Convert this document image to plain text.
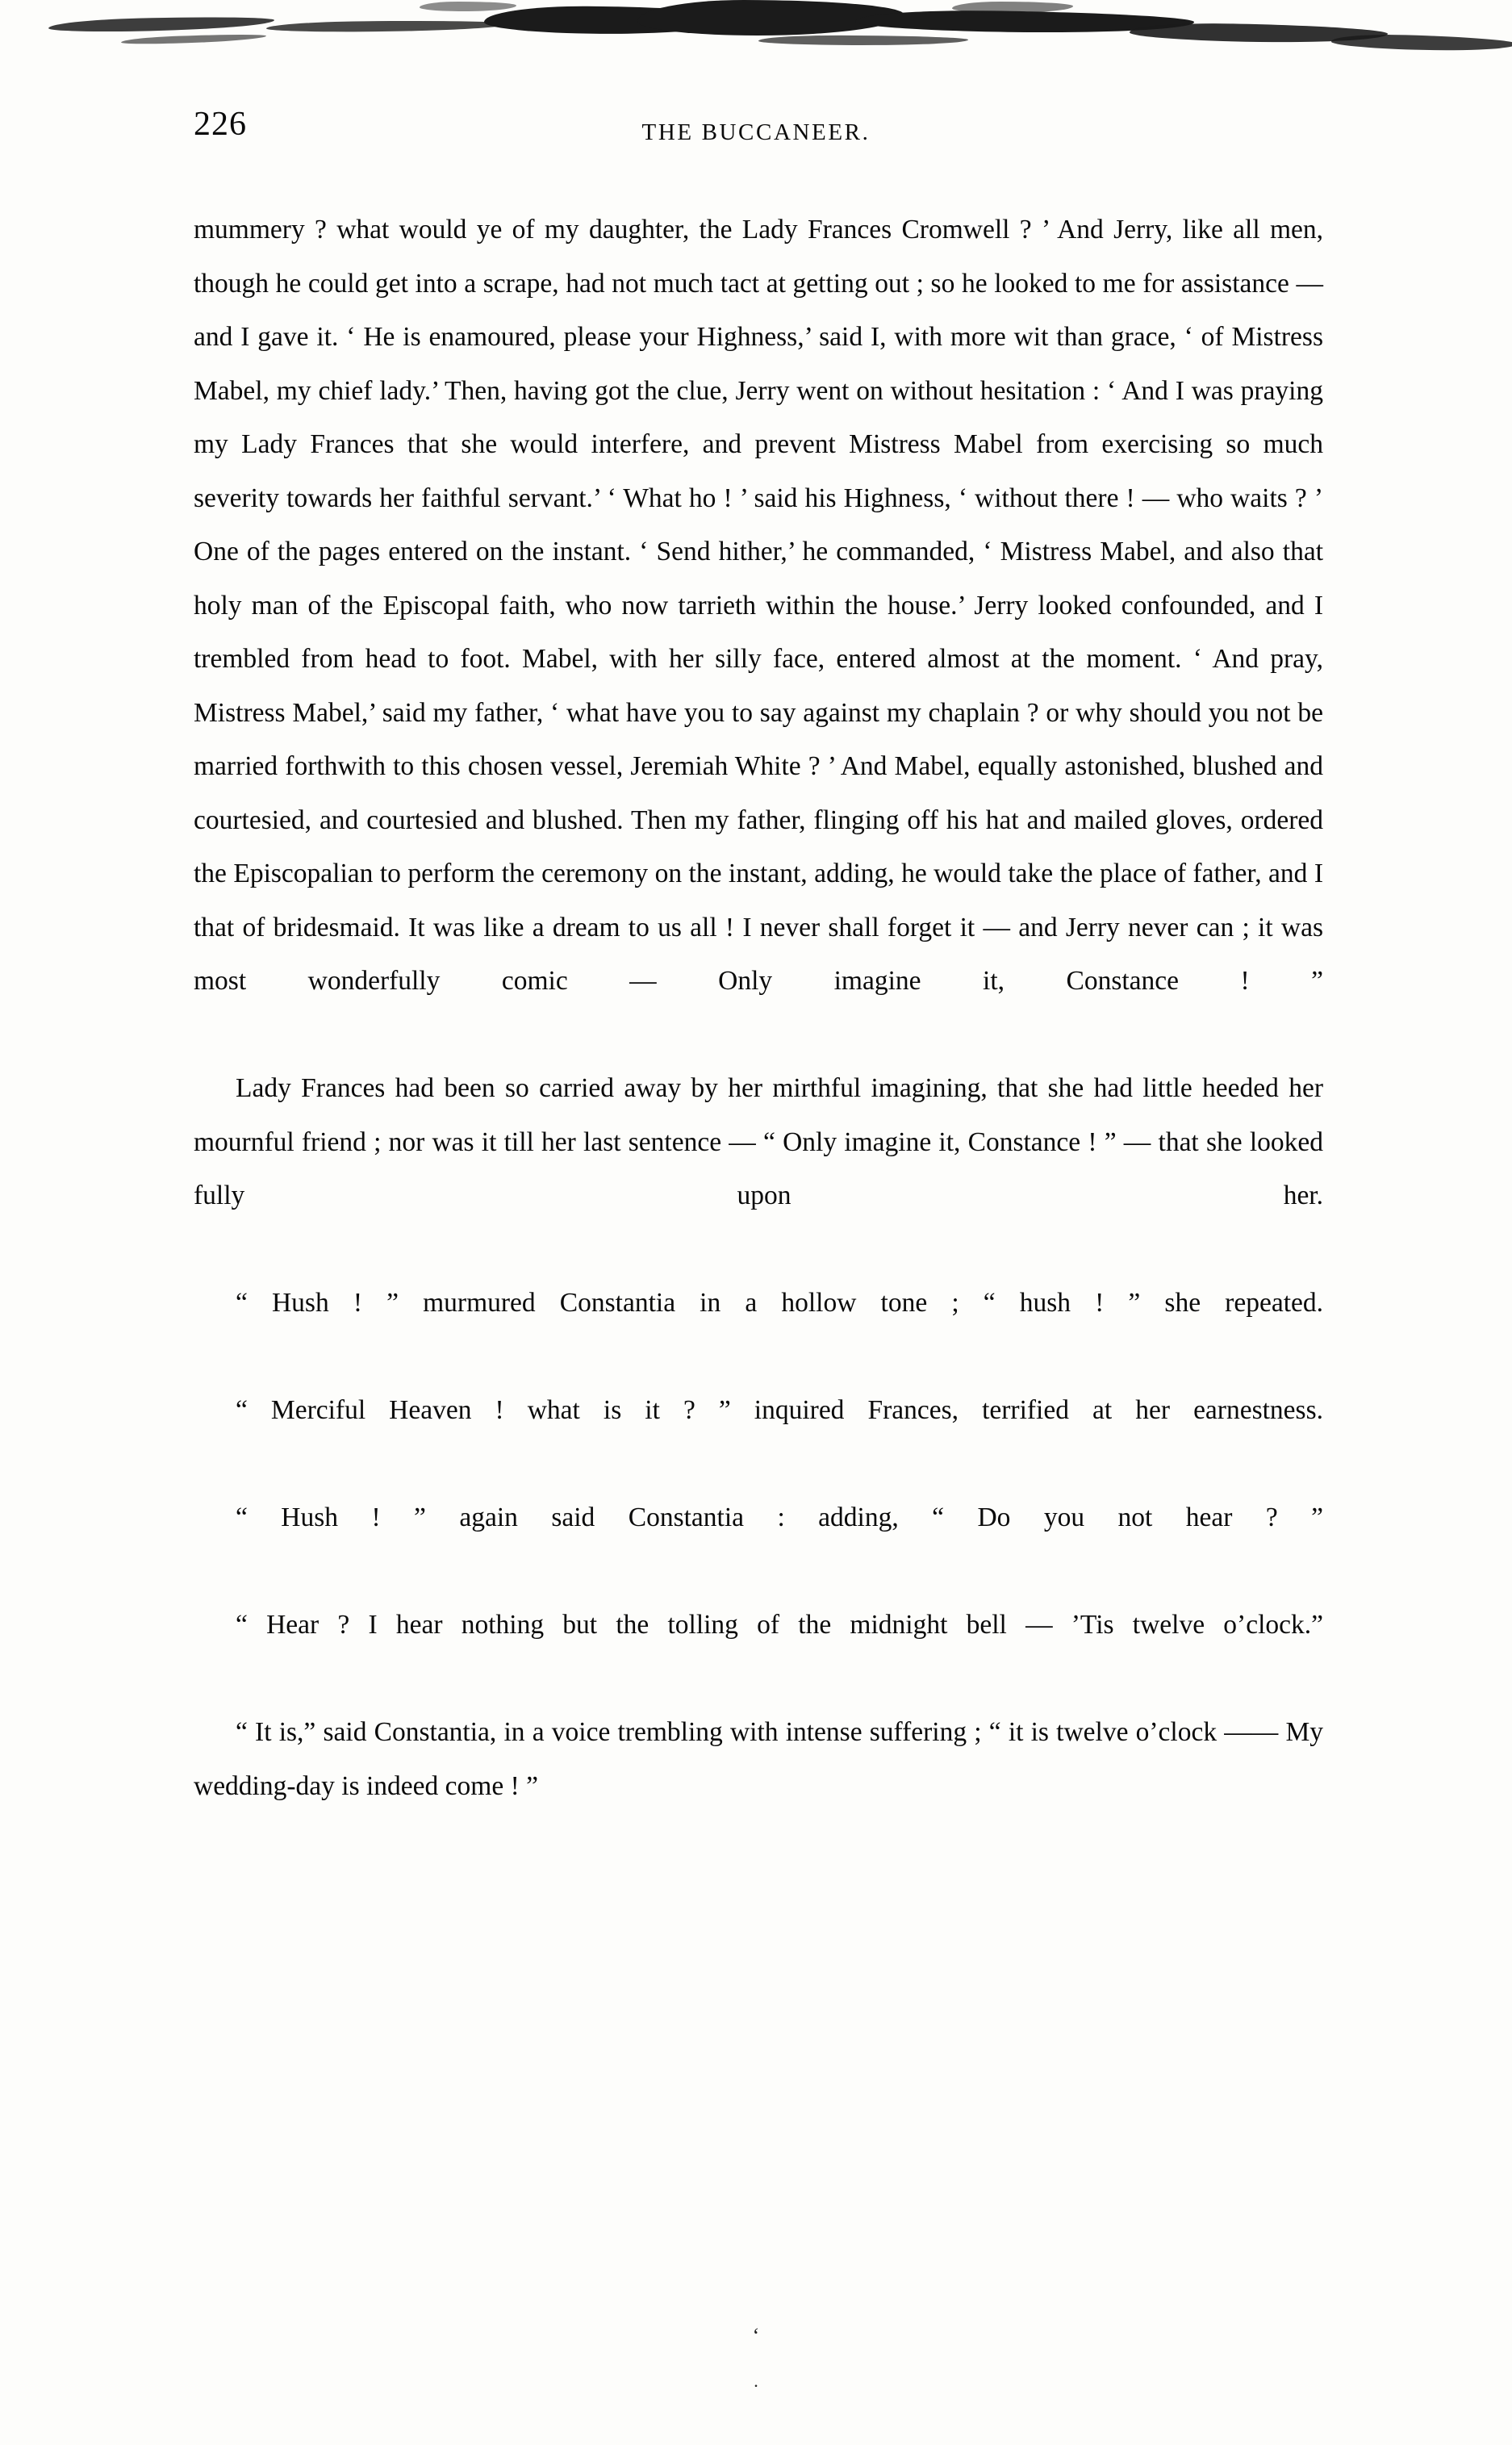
226	THE BUCCANEER.

mummery ? what would ye of my daughter, the Lady Frances Cromwell ? ’ And Jerry, like all men, though he could get into a scrape, had not much tact at getting out ; so he looked to me for assistance — and I gave it. ‘ He is enamoured, please your Highness,’ said I, with more wit than grace, ‘ of Mistress Mabel, my chief lady.’ Then, having got the clue, Jerry went on without hesitation : ‘ And I was praying my Lady Frances that she would interfere, and prevent Mistress Mabel from exercising so much severity towards her faithful servant.’ ‘ What ho ! ’ said his Highness, ‘ without there ! — who waits ? ’ One of the pages entered on the instant. ‘ Send hither,’ he commanded, ‘ Mistress Mabel, and also that holy man of the Episcopal faith, who now tarrieth within the house.’ Jerry looked confounded, and I trembled from head to foot. Mabel, with her silly face, entered almost at the moment. ‘ And pray, Mistress Mabel,’ said my father, ‘ what have you to say against my chaplain ? or why should you not be married forthwith to this chosen vessel, Jeremiah White ? ’ And Mabel, equally astonished, blushed and courtesied, and courtesied and blushed. Then my father, flinging off his hat and mailed gloves, ordered the Episcopalian to perform the ceremony on the instant, adding, he would take the place of father, and I that of bridesmaid. It was like a dream to us all ! I never shall forget it — and Jerry never can ; it was most wonderfully comic — Only imagine it, Constance ! ”

Lady Frances had been so carried away by her mirthful imagining, that she had little heeded her mournful friend ; nor was it till her last sentence — “ Only imagine it, Constance ! ” — that she looked fully upon her.

“ Hush ! ” murmured Constantia in a hollow tone ; “ hush ! ” she repeated.

“ Merciful Heaven ! what is it ? ” inquired Frances, terrified at her earnestness.

“ Hush ! ” again said Constantia : adding, “ Do you not hear ? ”

“ Hear ? I hear nothing but the tolling of the midnight bell — ’Tis twelve o’clock.”

“ It is,” said Constantia, in a voice trembling with intense suffering ; “ it is twelve o’clock —— My wedding-day is indeed come ! ”

‘
.
